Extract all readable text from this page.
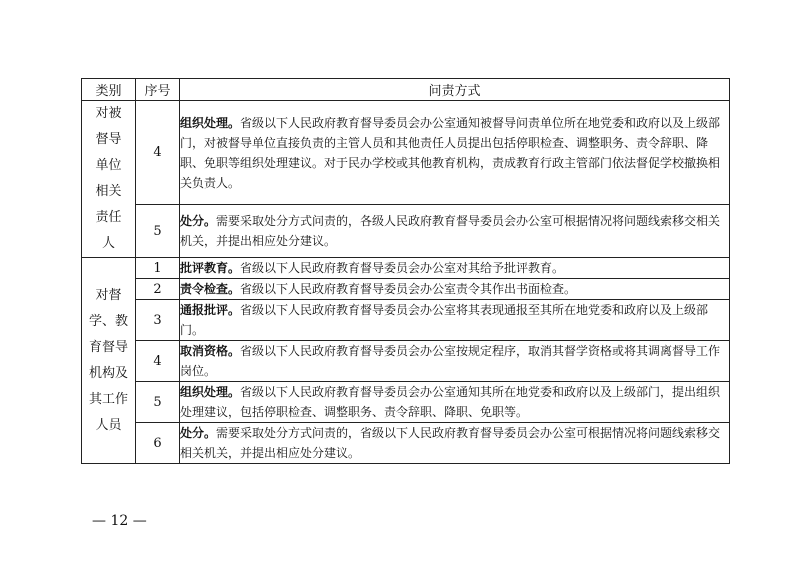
类别	序号	问责方式
对被督导单位相关责任人	4	组织处理。省级以下人民政府教育督导委员会办公室通知被督导问责单位所在地党委和政府以及上级部门，对被督导单位直接负责的主管人员和其他责任人员提出包括停职检查、调整职务、责令辞职、降职、免职等组织处理建议。对于民办学校或其他教育机构，责成教育行政主管部门依法督促学校撤换相关负责人。
	5	处分。需要采取处分方式问责的，各级人民政府教育督导委员会办公室可根据情况将问题线索移交相关机关，并提出相应处分建议。
对督学、教育督导机构及其工作人员	1	批评教育。省级以下人民政府教育督导委员会办公室对其给予批评教育。
	2	责令检查。省级以下人民政府教育督导委员会办公室责令其作出书面检查。
	3	通报批评。省级以下人民政府教育督导委员会办公室将其表现通报至其所在地党委和政府以及上级部门。
	4	取消资格。省级以下人民政府教育督导委员会办公室按规定程序，取消其督学资格或将其调离督导工作岗位。
	5	组织处理。省级以下人民政府教育督导委员会办公室通知其所在地党委和政府以及上级部门，提出组织处理建议，包括停职检查、调整职务、责令辞职、降职、免职等。
	6	处分。需要采取处分方式问责的，省级以下人民政府教育督导委员会办公室可根据情况将问题线索移交相关机关，并提出相应处分建议。
— 12 —
